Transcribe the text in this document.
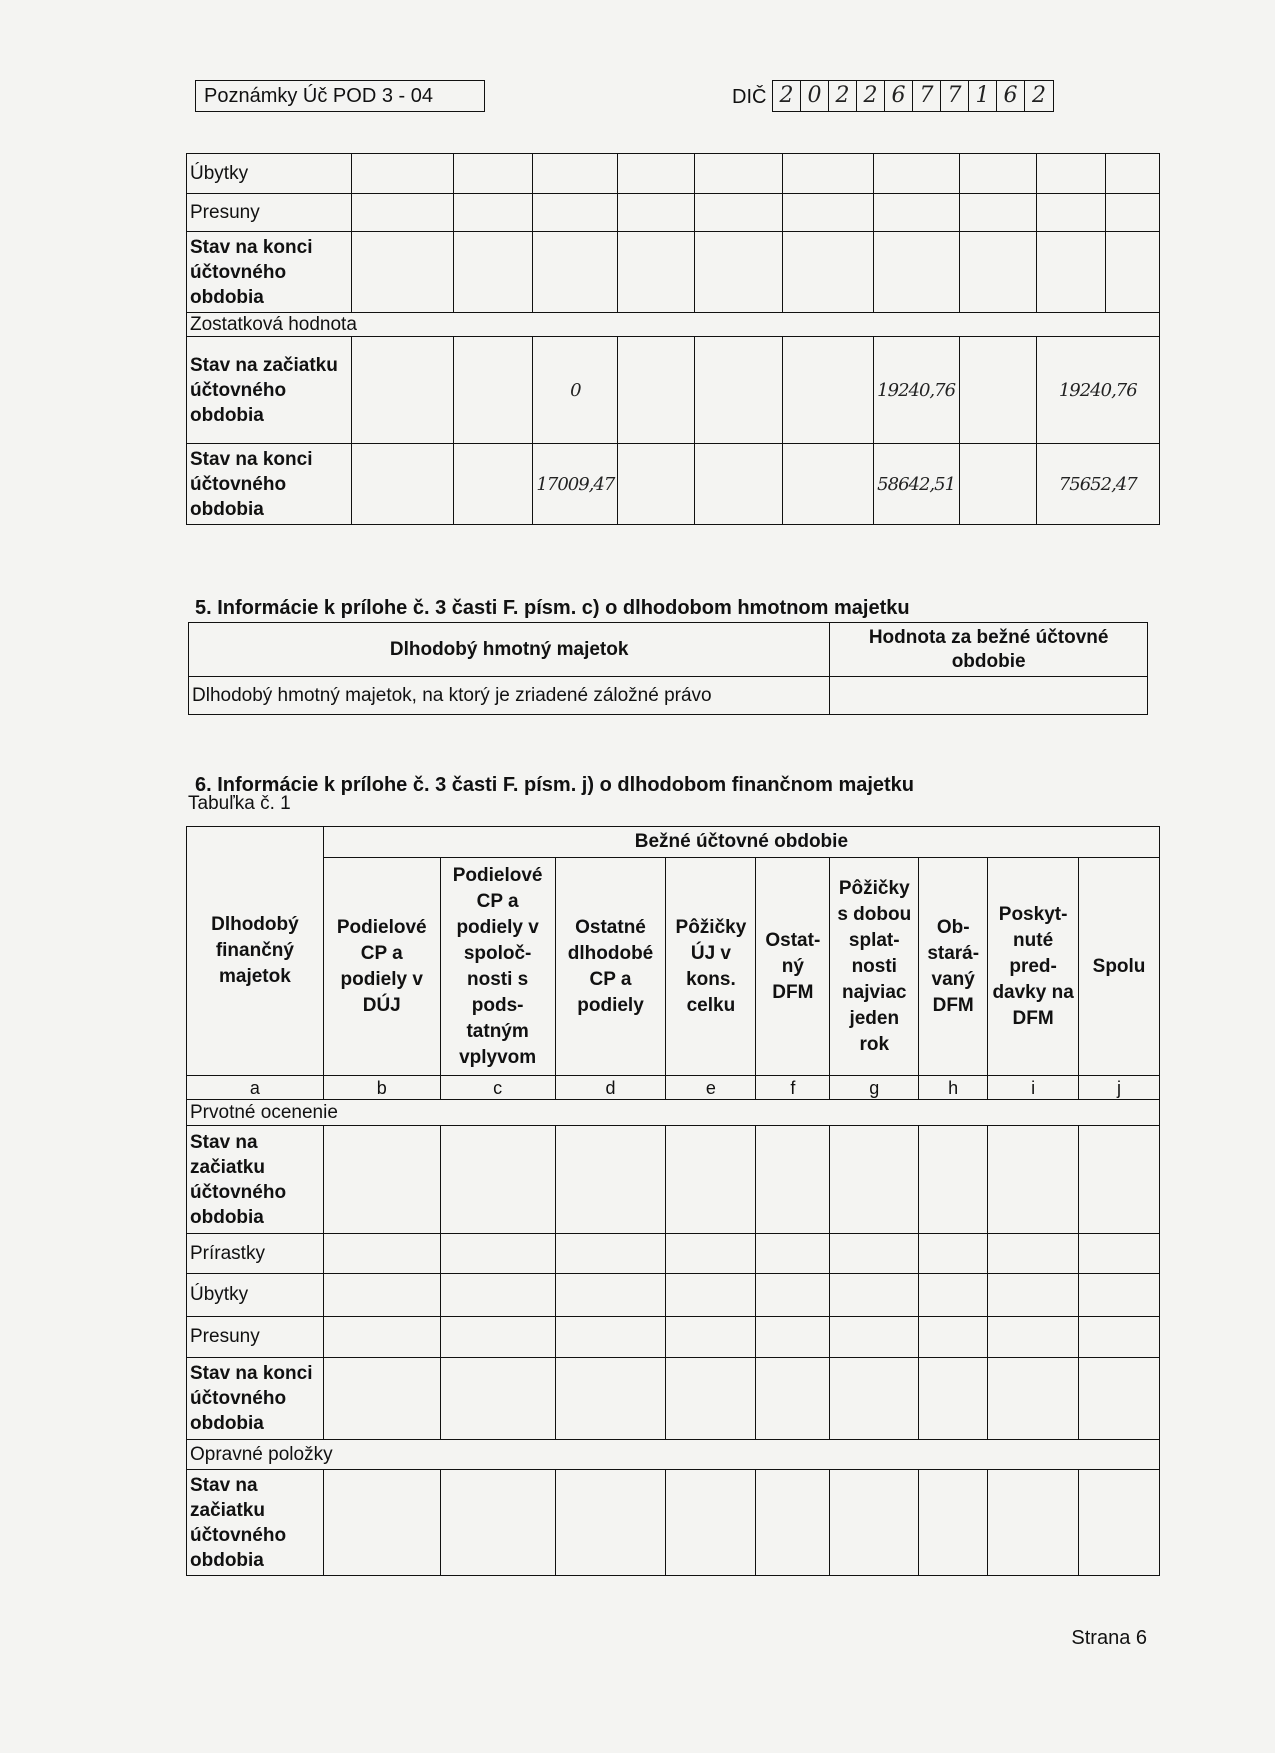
Poznámky Úč POD 3 - 04	DIČ 2 0 2 2 6 7 7 1 6 2
Úbytky										
Presuny										
Stav na konci účtovného obdobia										
Zostatková hodnota										
Stav na začiatku účtovného obdobia			0				19240,76		19240,76	
Stav na konci účtovného obdobia			17009,47				58642,51		75652,47	
5. Informácie k prílohe č. 3 časti F. písm. c) o dlhodobom hmotnom majetku
Dlhodobý hmotný majetok	Hodnota za bežné účtovné obdobie
Dlhodobý hmotný majetok, na ktorý je zriadené záložné právo	
6. Informácie k prílohe č. 3 časti F. písm. j) o dlhodobom finančnom majetku
Tabuľka č. 1
Dlhodobý finančný majetok	Bežné účtovné obdobie								
	Podielové CP a podiely v DÚJ	Podielové CP a podiely v spoloč-nosti s pods-tatným vplyvom	Ostatné dlhodobé CP a podiely	Pôžičky ÚJ v kons. celku	Ostat-ný DFM	Pôžičky s dobou splat-nosti najviac jeden rok	Ob-stará-vaný DFM	Poskyt-nuté pred-davky na DFM	Spolu
a	b	c	d	e	f	g	h	i	j
Prvotné ocenenie									
Stav na začiatku účtovného obdobia									
Prírastky									
Úbytky									
Presuny									
Stav na konci účtovného obdobia									
Opravné položky									
Stav na začiatku účtovného obdobia									
Strana 6
